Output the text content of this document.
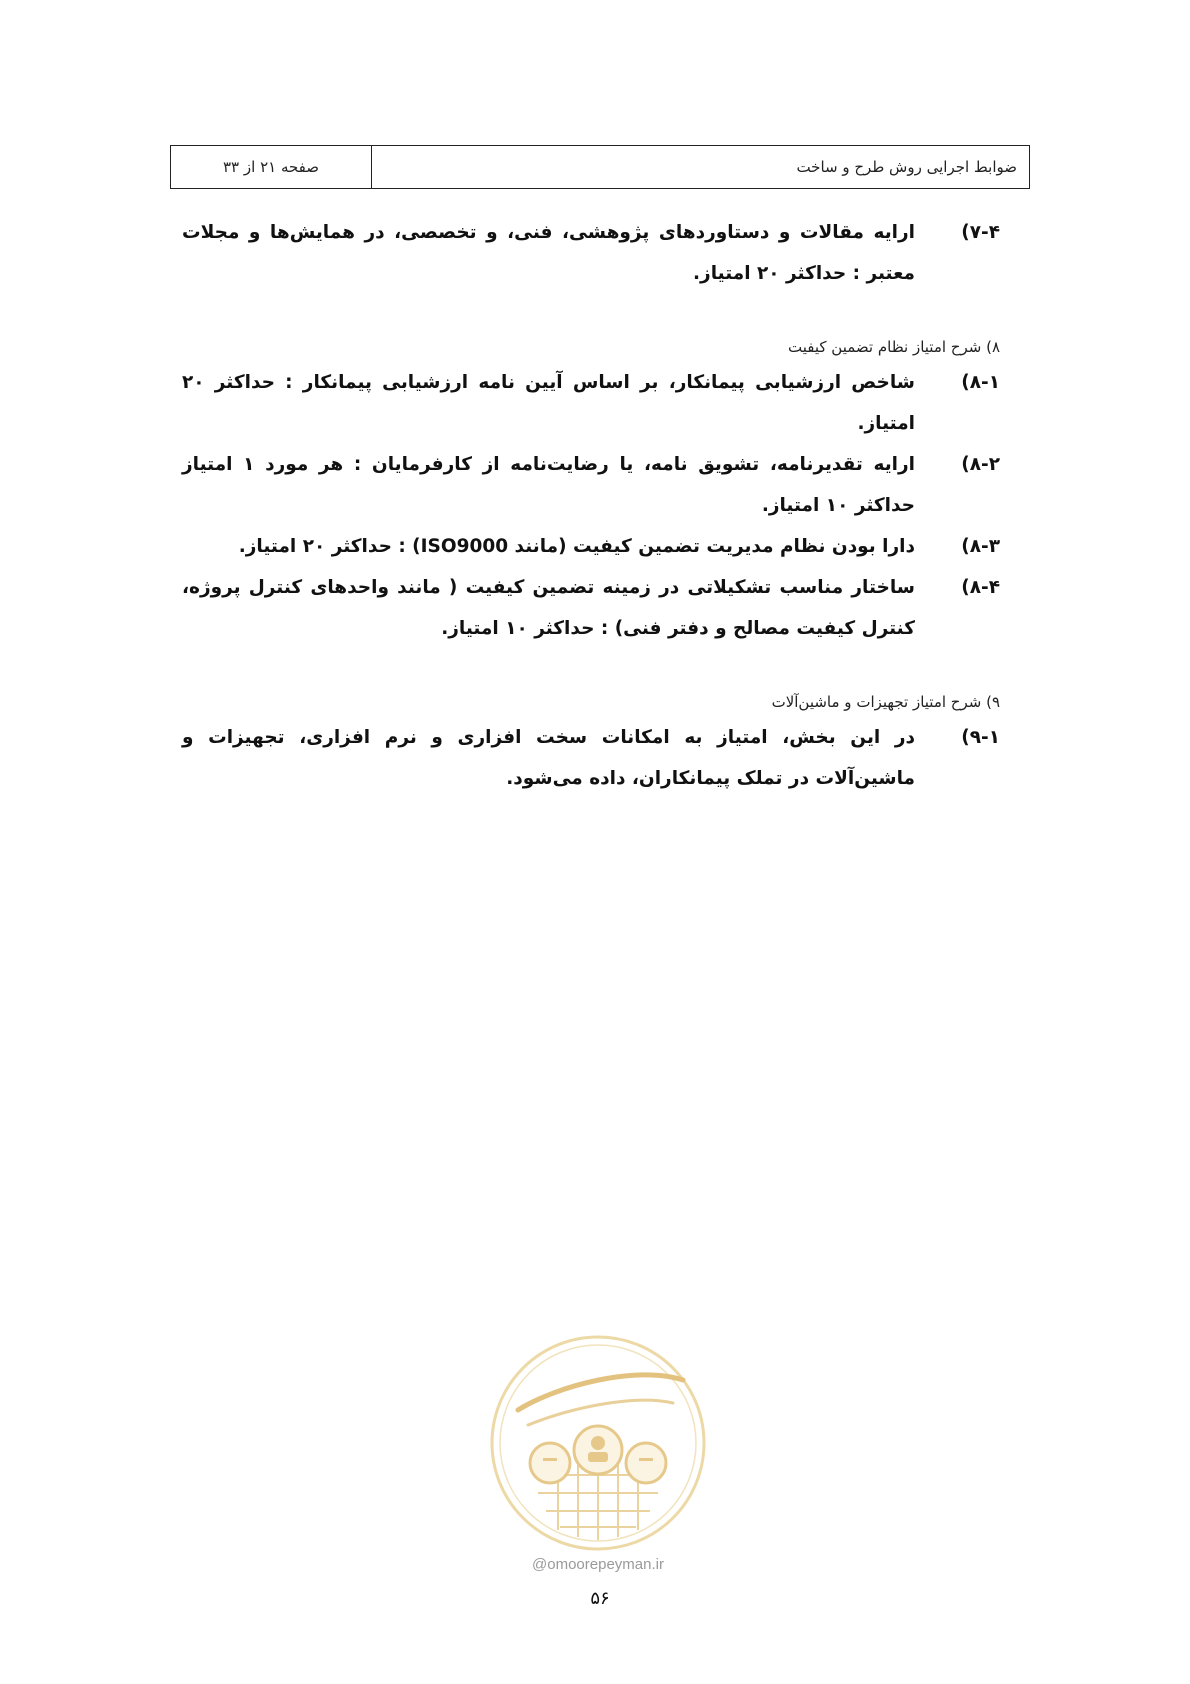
صفحه ۲۱ از ۳۳	ضوابط اجرایی روش طرح و ساخت
۷-۴)
ارایه مقالات و دستاوردهای پژوهشی، فنی، و تخصصی، در همایش‌ها و مجلات معتبر : حداکثر ۲۰ امتیاز.
۸) شرح امتیاز نظام تضمین کیفیت
۸-۱)
شاخص ارزشیابی پیمانکار، بر اساس آیین نامه ارزشیابی پیمانکار : حداکثر ۲۰ امتیاز.
۸-۲)
ارایه تقدیرنامه، تشویق نامه، یا رضایت‌نامه از کارفرمایان : هر مورد ۱ امتیاز حداکثر ۱۰ امتیاز.
۸-۳)
دارا بودن نظام مدیریت تضمین کیفیت (مانند ISO9000) : حداکثر ۲۰ امتیاز.
۸-۴)
ساختار مناسب تشکیلاتی در زمینه تضمین کیفیت ( مانند واحدهای کنترل پروژه، کنترل کیفیت مصالح و دفتر فنی) : حداکثر ۱۰ امتیاز.
۹) شرح امتیاز تجهیزات و ماشین‌آلات
۹-۱)
در این بخش، امتیاز به امکانات سخت افزاری و نرم افزاری، تجهیزات و ماشین‌آلات در تملک پیمانکاران، داده می‌شود.
@omoorepeyman.ir
۵۶
